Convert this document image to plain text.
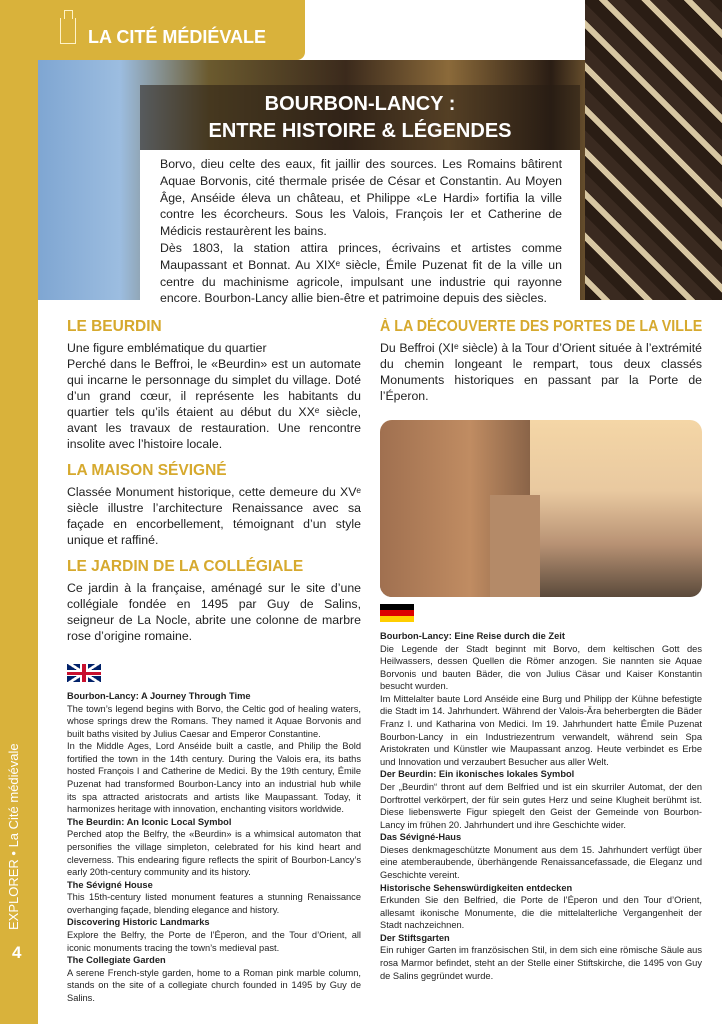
EXPLORER • La Cité médiévale
4
LA CITÉ MÉDIÉVALE
BOURBON-LANCY :
ENTRE HISTOIRE & LÉGENDES

Borvo, dieu celte des eaux, fit jaillir des sources. Les Romains bâtirent Aquae Borvonis, cité thermale prisée de César et Constantin. Au Moyen Âge, Anséide éleva un château, et Philippe «Le Hardi» fortifia la ville contre les écorcheurs. Sous les Valois, François Ier et Catherine de Médicis restaurèrent les bains.

Dès 1803, la station attira princes, écrivains et artistes comme Maupassant et Bonnat. Au XIXᵉ siècle, Émile Puzenat fit de la ville un centre du machinisme agricole, impulsant une industrie qui rayonne encore. Bourbon-Lancy allie bien-être et patrimoine depuis des siècles.

LE BEURDIN

Une figure emblématique du quartier
Perché dans le Beffroi, le «Beurdin» est un automate qui incarne le personnage du simplet du village. Doté d’un grand cœur, il représente les habitants du quartier tels qu’ils étaient au début du XXᵉ siècle, avant les travaux de restauration. Une rencontre insolite avec l’histoire locale.

LA MAISON SÉVIGNÉ

Classée Monument historique, cette demeure du XVᵉ siècle illustre l’architecture Renaissance avec sa façade en encorbellement, témoignant d’un style unique et raffiné.

LE JARDIN DE LA COLLÉGIALE

Ce jardin à la française, aménagé sur le site d’une collégiale fondée en 1495 par Guy de Salins, seigneur de La Nocle, abrite une colonne de marbre rose d’origine romaine.

À LA DÉCOUVERTE DES PORTES DE LA VILLE

Du Beffroi (XIᵉ siècle) à la Tour d’Orient située à l’extrémité du chemin longeant le rempart, tous deux classés Monuments historiques en passant par la Porte de l’Éperon.

Bourbon-Lancy: A Journey Through Time

The town’s legend begins with Borvo, the Celtic god of healing waters, whose springs drew the Romans. They named it Aquae Borvonis and built baths visited by Julius Caesar and Emperor Constantine.
In the Middle Ages, Lord Anséide built a castle, and Philip the Bold fortified the town in the 14th century. During the Valois era, its baths hosted François I and Catherine de Medici. By the 19th century, Émile Puzenat had transformed Bourbon-Lancy into an industrial hub while its spa attracted aristocrats and artists like Maupassant. Today, it harmonizes heritage with innovation, enchanting visitors worldwide.

The Beurdin: An Iconic Local Symbol

Perched atop the Belfry, the «Beurdin» is a whimsical automaton that personifies the village simpleton, celebrated for his kind heart and cleverness. This endearing figure reflects the spirit of Bourbon-Lancy’s early 20th-century community and its history.

The Sévigné House

This 15th-century listed monument features a stunning Renaissance overhanging façade, blending elegance and history.

Discovering Historic Landmarks

Explore the Belfry, the Porte de l’Éperon, and the Tour d’Orient, all iconic monuments tracing the town’s medieval past.

The Collegiate Garden

A serene French-style garden, home to a Roman pink marble column, stands on the site of a collegiate church founded in 1495 by Guy de Salins.

Bourbon-Lancy: Eine Reise durch die Zeit

Die Legende der Stadt beginnt mit Borvo, dem keltischen Gott des Heilwassers, dessen Quellen die Römer anzogen. Sie nannten sie Aquae Borvonis und bauten Bäder, die von Julius Cäsar und Kaiser Konstantin besucht wurden.
Im Mittelalter baute Lord Anséide eine Burg und Philipp der Kühne befestigte die Stadt im 14. Jahrhundert. Während der Valois-Ära beherbergten die Bäder Franz I. und Katharina von Medici. Im 19. Jahrhundert hatte Émile Puzenat Bourbon-Lancy in ein Industriezentrum verwandelt, während sein Spa Aristokraten und Künstler wie Maupassant anzog. Heute verbindet es Erbe und Innovation und verzaubert Besucher aus aller Welt.

Der Beurdin: Ein ikonisches lokales Symbol

Der „Beurdin“ thront auf dem Belfried und ist ein skurriler Automat, der den Dorftrottel verkörpert, der für sein gutes Herz und seine Klugheit berühmt ist. Diese liebenswerte Figur spiegelt den Geist der Gemeinde von Bourbon-Lancy im frühen 20. Jahrhundert und ihre Geschichte wider.

Das Sévigné-Haus

Dieses denkmageschützte Monument aus dem 15. Jahrhundert verfügt über eine atemberaubende, überhängende Renaissancefassade, die Eleganz und Geschichte vereint.

Historische Sehenswürdigkeiten entdecken

Erkunden Sie den Belfried, die Porte de l’Éperon und den Tour d’Orient, allesamt ikonische Monumente, die die mittelalterliche Vergangenheit der Stadt nachzeichnen.

Der Stiftsgarten

Ein ruhiger Garten im französischen Stil, in dem sich eine römische Säule aus rosa Marmor befindet, steht an der Stelle einer Stiftskirche, die 1495 von Guy de Salins gegründet wurde.
